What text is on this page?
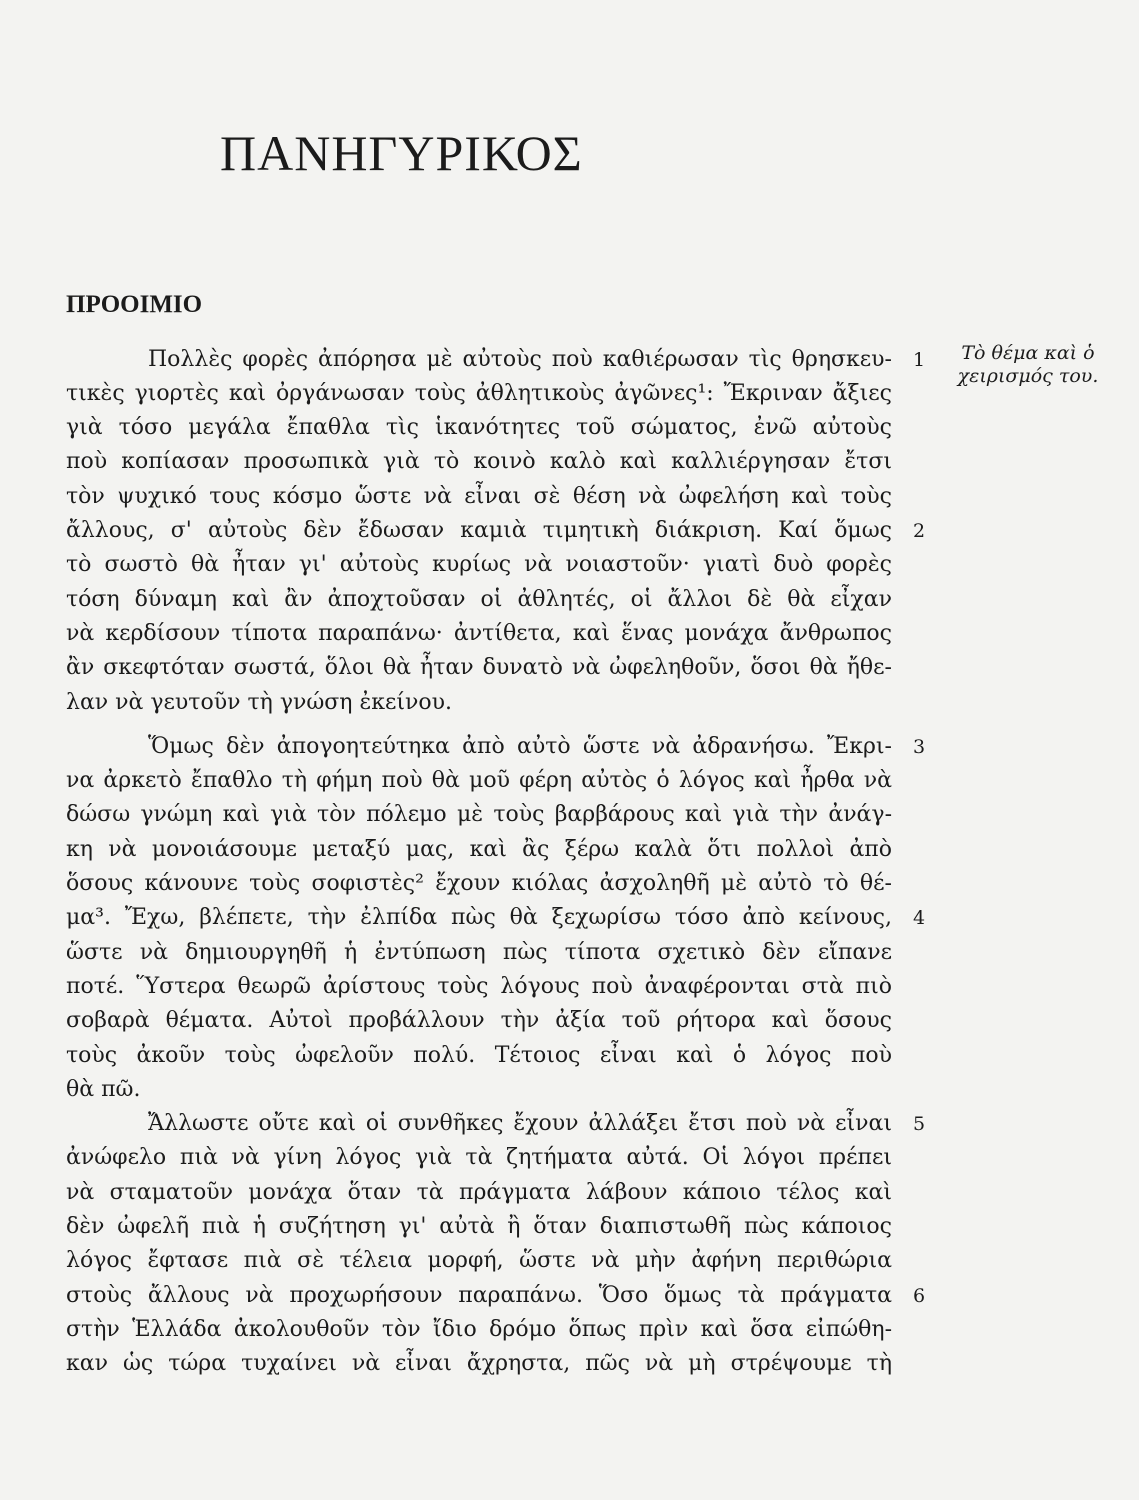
ΠΑΝΗΓΥΡΙΚΟΣ
ΠΡΟΟΙΜΙΟ
Τὸ θέμα καὶ ὁ
χειρισμός του.
Πολλὲς φορὲς ἀπόρησα μὲ αὐτοὺς ποὺ καθιέρωσαν τὶς θρησκευ-
τικὲς γιορτὲς καὶ ὀργάνωσαν τοὺς ἀθλητικοὺς ἀγῶνες¹: Ἔκριναν ἄξιες
γιὰ τόσο μεγάλα ἔπαθλα τὶς ἱκανότητες τοῦ σώματος, ἐνῶ αὐτοὺς
ποὺ κοπίασαν προσωπικὰ γιὰ τὸ κοινὸ καλὸ καὶ καλλιέργησαν ἔτσι
τὸν ψυχικό τους κόσμο ὥστε νὰ εἶναι σὲ θέση νὰ ὠφελήση καὶ τοὺς
ἄλλους, σ' αὐτοὺς δὲν ἔδωσαν καμιὰ τιμητικὴ διάκριση. Καί ὅμως
τὸ σωστὸ θὰ ἦταν γι' αὐτοὺς κυρίως νὰ νοιαστοῦν· γιατὶ δυὸ φορὲς
τόση δύναμη καὶ ἂν ἀποχτοῦσαν οἱ ἀθλητές, οἱ ἄλλοι δὲ θὰ εἶχαν
νὰ κερδίσουν τίποτα παραπάνω· ἀντίθετα, καὶ ἕνας μονάχα ἄνθρωπος
ἂν σκεφτόταν σωστά, ὅλοι θὰ ἦταν δυνατὸ νὰ ὠφεληθοῦν, ὅσοι θὰ ἤθε-
λαν νὰ γευτοῦν τὴ γνώση ἐκείνου.
Ὅμως δὲν ἀπογοητεύτηκα ἀπὸ αὐτὸ ὥστε νὰ ἀδρανήσω. Ἔκρι-
να ἀρκετὸ ἔπαθλο τὴ φήμη ποὺ θὰ μοῦ φέρη αὐτὸς ὁ λόγος καὶ ἦρθα νὰ
δώσω γνώμη καὶ γιὰ τὸν πόλεμο μὲ τοὺς βαρβάρους καὶ γιὰ τὴν ἀνάγ-
κη νὰ μονοιάσουμε μεταξύ μας, καὶ ἂς ξέρω καλὰ ὅτι πολλοὶ ἀπὸ
ὅσους κάνουνε τοὺς σοφιστὲς² ἔχουν κιόλας ἀσχοληθῆ μὲ αὐτὸ τὸ θέ-
μα³. Ἔχω, βλέπετε, τὴν ἐλπίδα πὼς θὰ ξεχωρίσω τόσο ἀπὸ κείνους,
ὥστε νὰ δημιουργηθῆ ἡ ἐντύπωση πὼς τίποτα σχετικὸ δὲν εἴπανε
ποτέ. Ὕστερα θεωρῶ ἀρίστους τοὺς λόγους ποὺ ἀναφέρονται στὰ πιὸ
σοβαρὰ θέματα. Αὐτοὶ προβάλλουν τὴν ἀξία τοῦ ρήτορα καὶ ὅσους
τοὺς ἀκοῦν τοὺς ὠφελοῦν πολύ. Τέτοιος εἶναι καὶ ὁ λόγος ποὺ
θὰ πῶ.
Ἄλλωστε οὔτε καὶ οἱ συνθῆκες ἔχουν ἀλλάξει ἔτσι ποὺ νὰ εἶναι
ἀνώφελο πιὰ νὰ γίνη λόγος γιὰ τὰ ζητήματα αὐτά. Οἱ λόγοι πρέπει
νὰ σταματοῦν μονάχα ὅταν τὰ πράγματα λάβουν κάποιο τέλος καὶ
δὲν ὠφελῆ πιὰ ἡ συζήτηση γι' αὐτὰ ἢ ὅταν διαπιστωθῆ πὼς κάποιος
λόγος ἔφτασε πιὰ σὲ τέλεια μορφή, ὥστε νὰ μὴν ἀφήνη περιθώρια
στοὺς ἄλλους νὰ προχωρήσουν παραπάνω. Ὅσο ὅμως τὰ πράγματα
στὴν Ἑλλάδα ἀκολουθοῦν τὸν ἴδιο δρόμο ὅπως πρὶν καὶ ὅσα εἰπώθη-
καν ὡς τώρα τυχαίνει νὰ εἶναι ἄχρηστα, πῶς νὰ μὴ στρέψουμε τὴ
1
2
3
4
5
6
